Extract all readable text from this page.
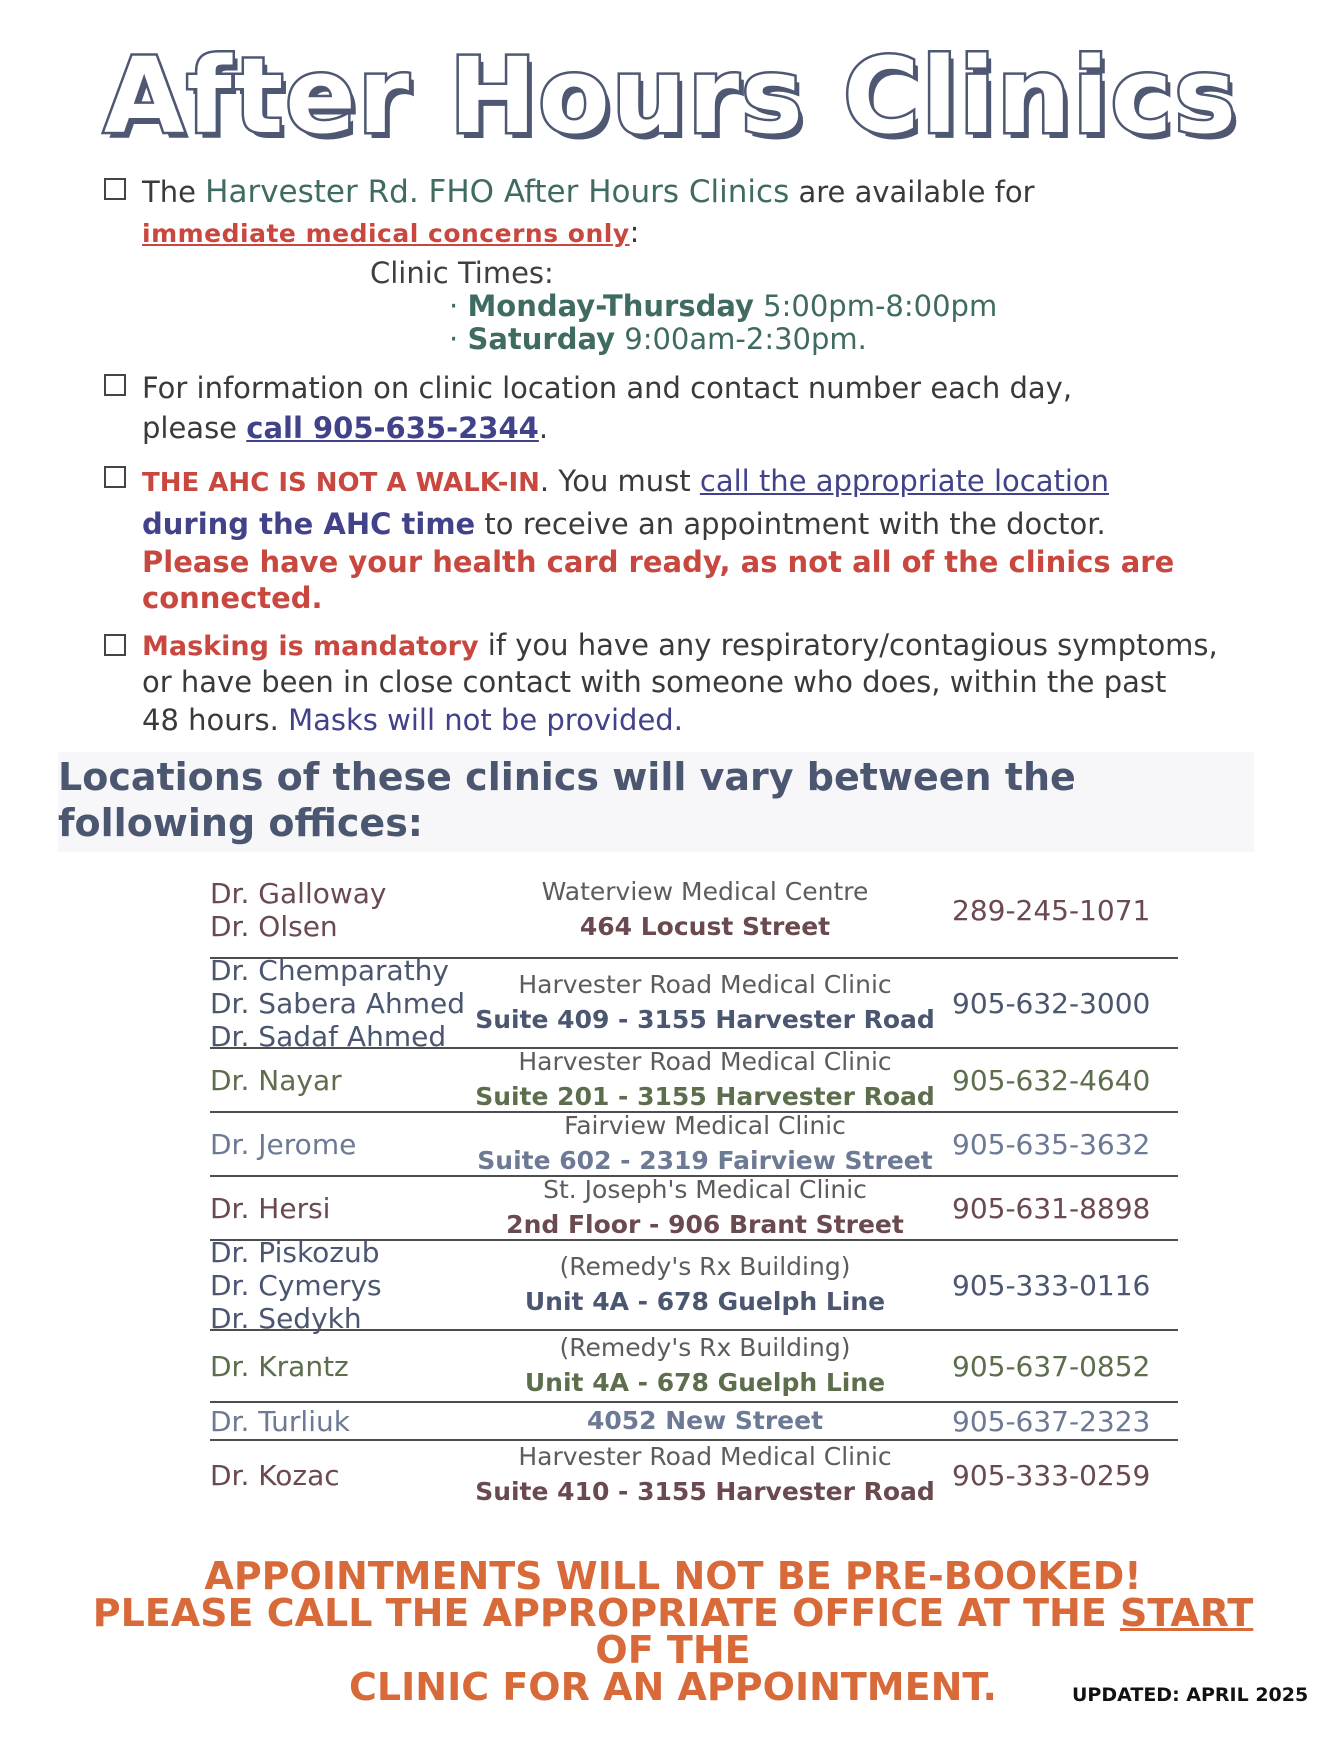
After Hours Clinics
The Harvester Rd. FHO After Hours Clinics are available for
immediate medical concerns only:
Clinic Times:
· Monday-Thursday 5:00pm-8:00pm
· Saturday 9:00am-2:30pm.
For information on clinic location and contact number each day,
please call 905-635-2344.
THE AHC IS NOT A WALK-IN. You must call the appropriate location
during the AHC time to receive an appointment with the doctor.
Please have your health card ready, as not all of the clinics are
connected.
Masking is mandatory if you have any respiratory/contagious symptoms,
or have been in close contact with someone who does, within the past
48 hours. Masks will not be provided.
Locations of these clinics will vary between the
following offices:
Dr. Galloway
Dr. Olsen
Waterview Medical Centre
464 Locust Street	289-245-1071
Dr. Chemparathy
Dr. Sabera Ahmed
Dr. Sadaf Ahmed
Harvester Road Medical Clinic
Suite 409 - 3155 Harvester Road 905-632-3000
Dr. Nayar
Harvester Road Medical Clinic
Suite 201 - 3155 Harvester Road 905-632-4640
Dr. Jerome
Fairview Medical Clinic
Suite 602 - 2319 Fairview Street 905-635-3632
Dr. Hersi
St. Joseph's Medical Clinic
2nd Floor - 906 Brant Street	905-631-8898
Dr. Piskozub
Dr. Cymerys
Dr. Sedykh
(Remedy's Rx Building)
Unit 4A - 678 Guelph Line	905-333-0116
Dr. Krantz
(Remedy's Rx Building)
Unit 4A - 678 Guelph Line	905-637-0852
Dr. Turliuk	4052 New Street	905-637-2323
Dr. Kozac
Harvester Road Medical Clinic
Suite 410 - 3155 Harvester Road 905-333-0259
APPOINTMENTS WILL NOT BE PRE-BOOKED!
PLEASE CALL THE APPROPRIATE OFFICE AT THE START OF THE
CLINIC FOR AN APPOINTMENT.	UPDATED: APRIL 2025
